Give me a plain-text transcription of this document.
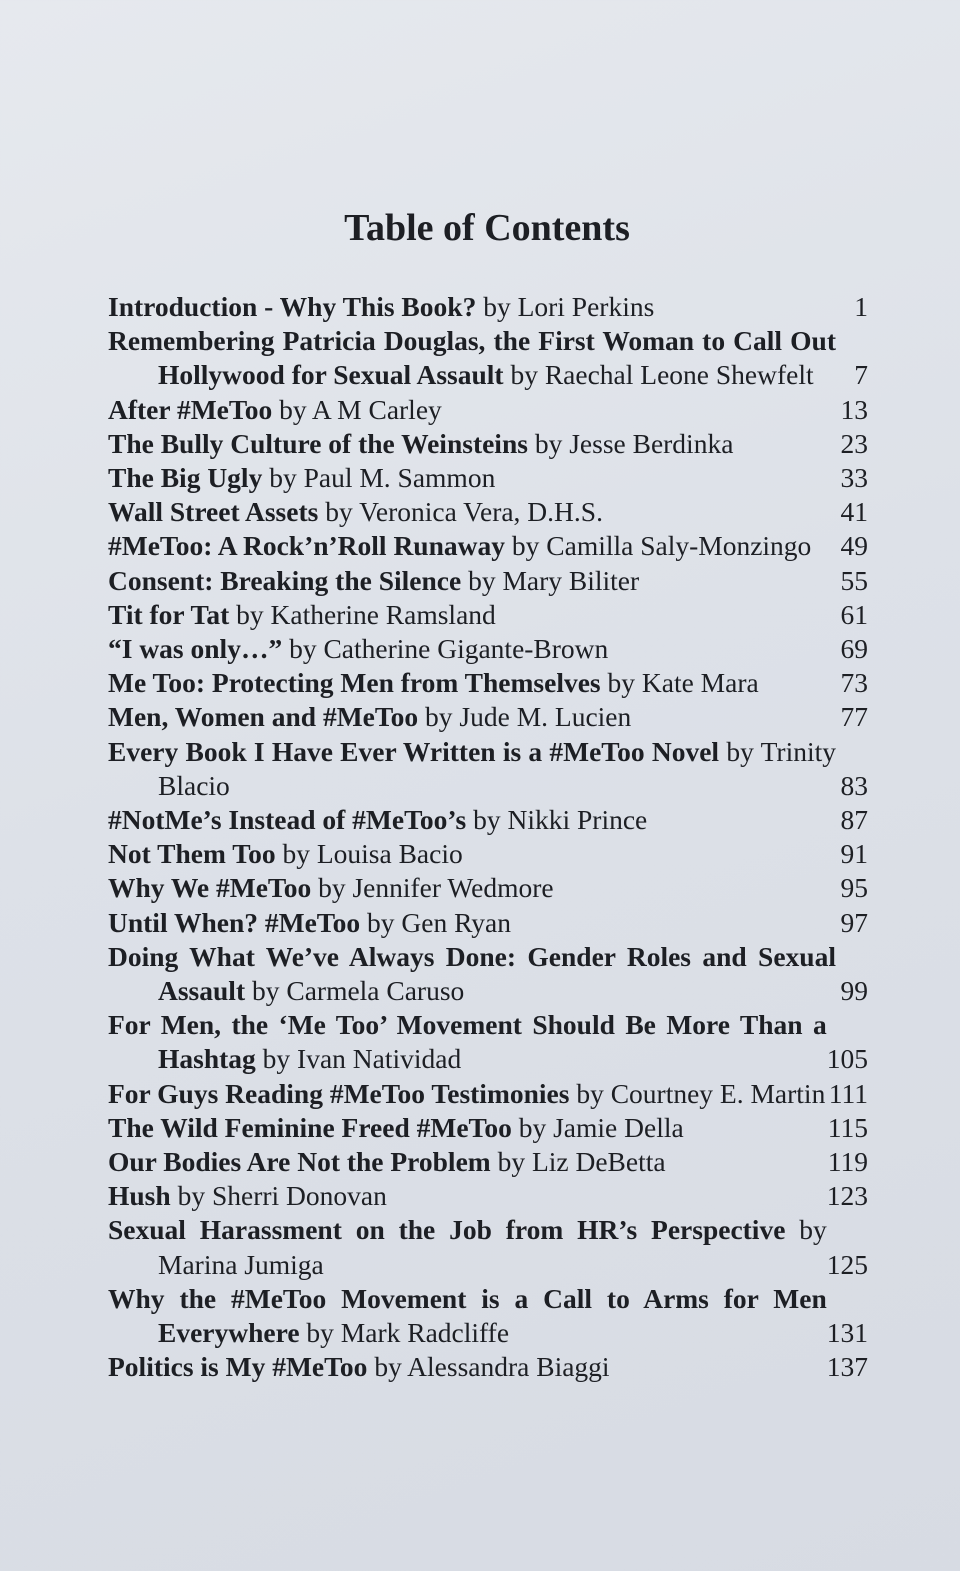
Table of Contents
Introduction - Why This Book? by Lori Perkins	1
Remembering Patricia Douglas, the First Woman to Call Out Hollywood for Sexual Assault by Raechal Leone Shewfelt	7
After #MeToo by A M Carley	13
The Bully Culture of the Weinsteins by Jesse Berdinka	23
The Big Ugly by Paul M. Sammon	33
Wall Street Assets by Veronica Vera, D.H.S.	41
#MeToo: A Rock’n’Roll Runaway by Camilla Saly-Monzingo	49
Consent: Breaking the Silence by Mary Biliter	55
Tit for Tat by Katherine Ramsland	61
“I was only…” by Catherine Gigante-Brown	69
Me Too: Protecting Men from Themselves by Kate Mara	73
Men, Women and #MeToo by Jude M. Lucien	77
Every Book I Have Ever Written is a #MeToo Novel by Trinity Blacio	83
#NotMe’s Instead of #MeToo’s by Nikki Prince	87
Not Them Too by Louisa Bacio	91
Why We #MeToo by Jennifer Wedmore	95
Until When? #MeToo by Gen Ryan	97
Doing What We’ve Always Done: Gender Roles and Sexual Assault by Carmela Caruso	99
For Men, the ‘Me Too’ Movement Should Be More Than a Hashtag by Ivan Natividad	105
For Guys Reading #MeToo Testimonies by Courtney E. Martin 111
The Wild Feminine Freed #MeToo by Jamie Della	115
Our Bodies Are Not the Problem by Liz DeBetta	119
Hush by Sherri Donovan	123
Sexual Harassment on the Job from HR’s Perspective by Marina Jumiga	125
Why the #MeToo Movement is a Call to Arms for Men Everywhere by Mark Radcliffe	131
Politics is My #MeToo by Alessandra Biaggi	137
